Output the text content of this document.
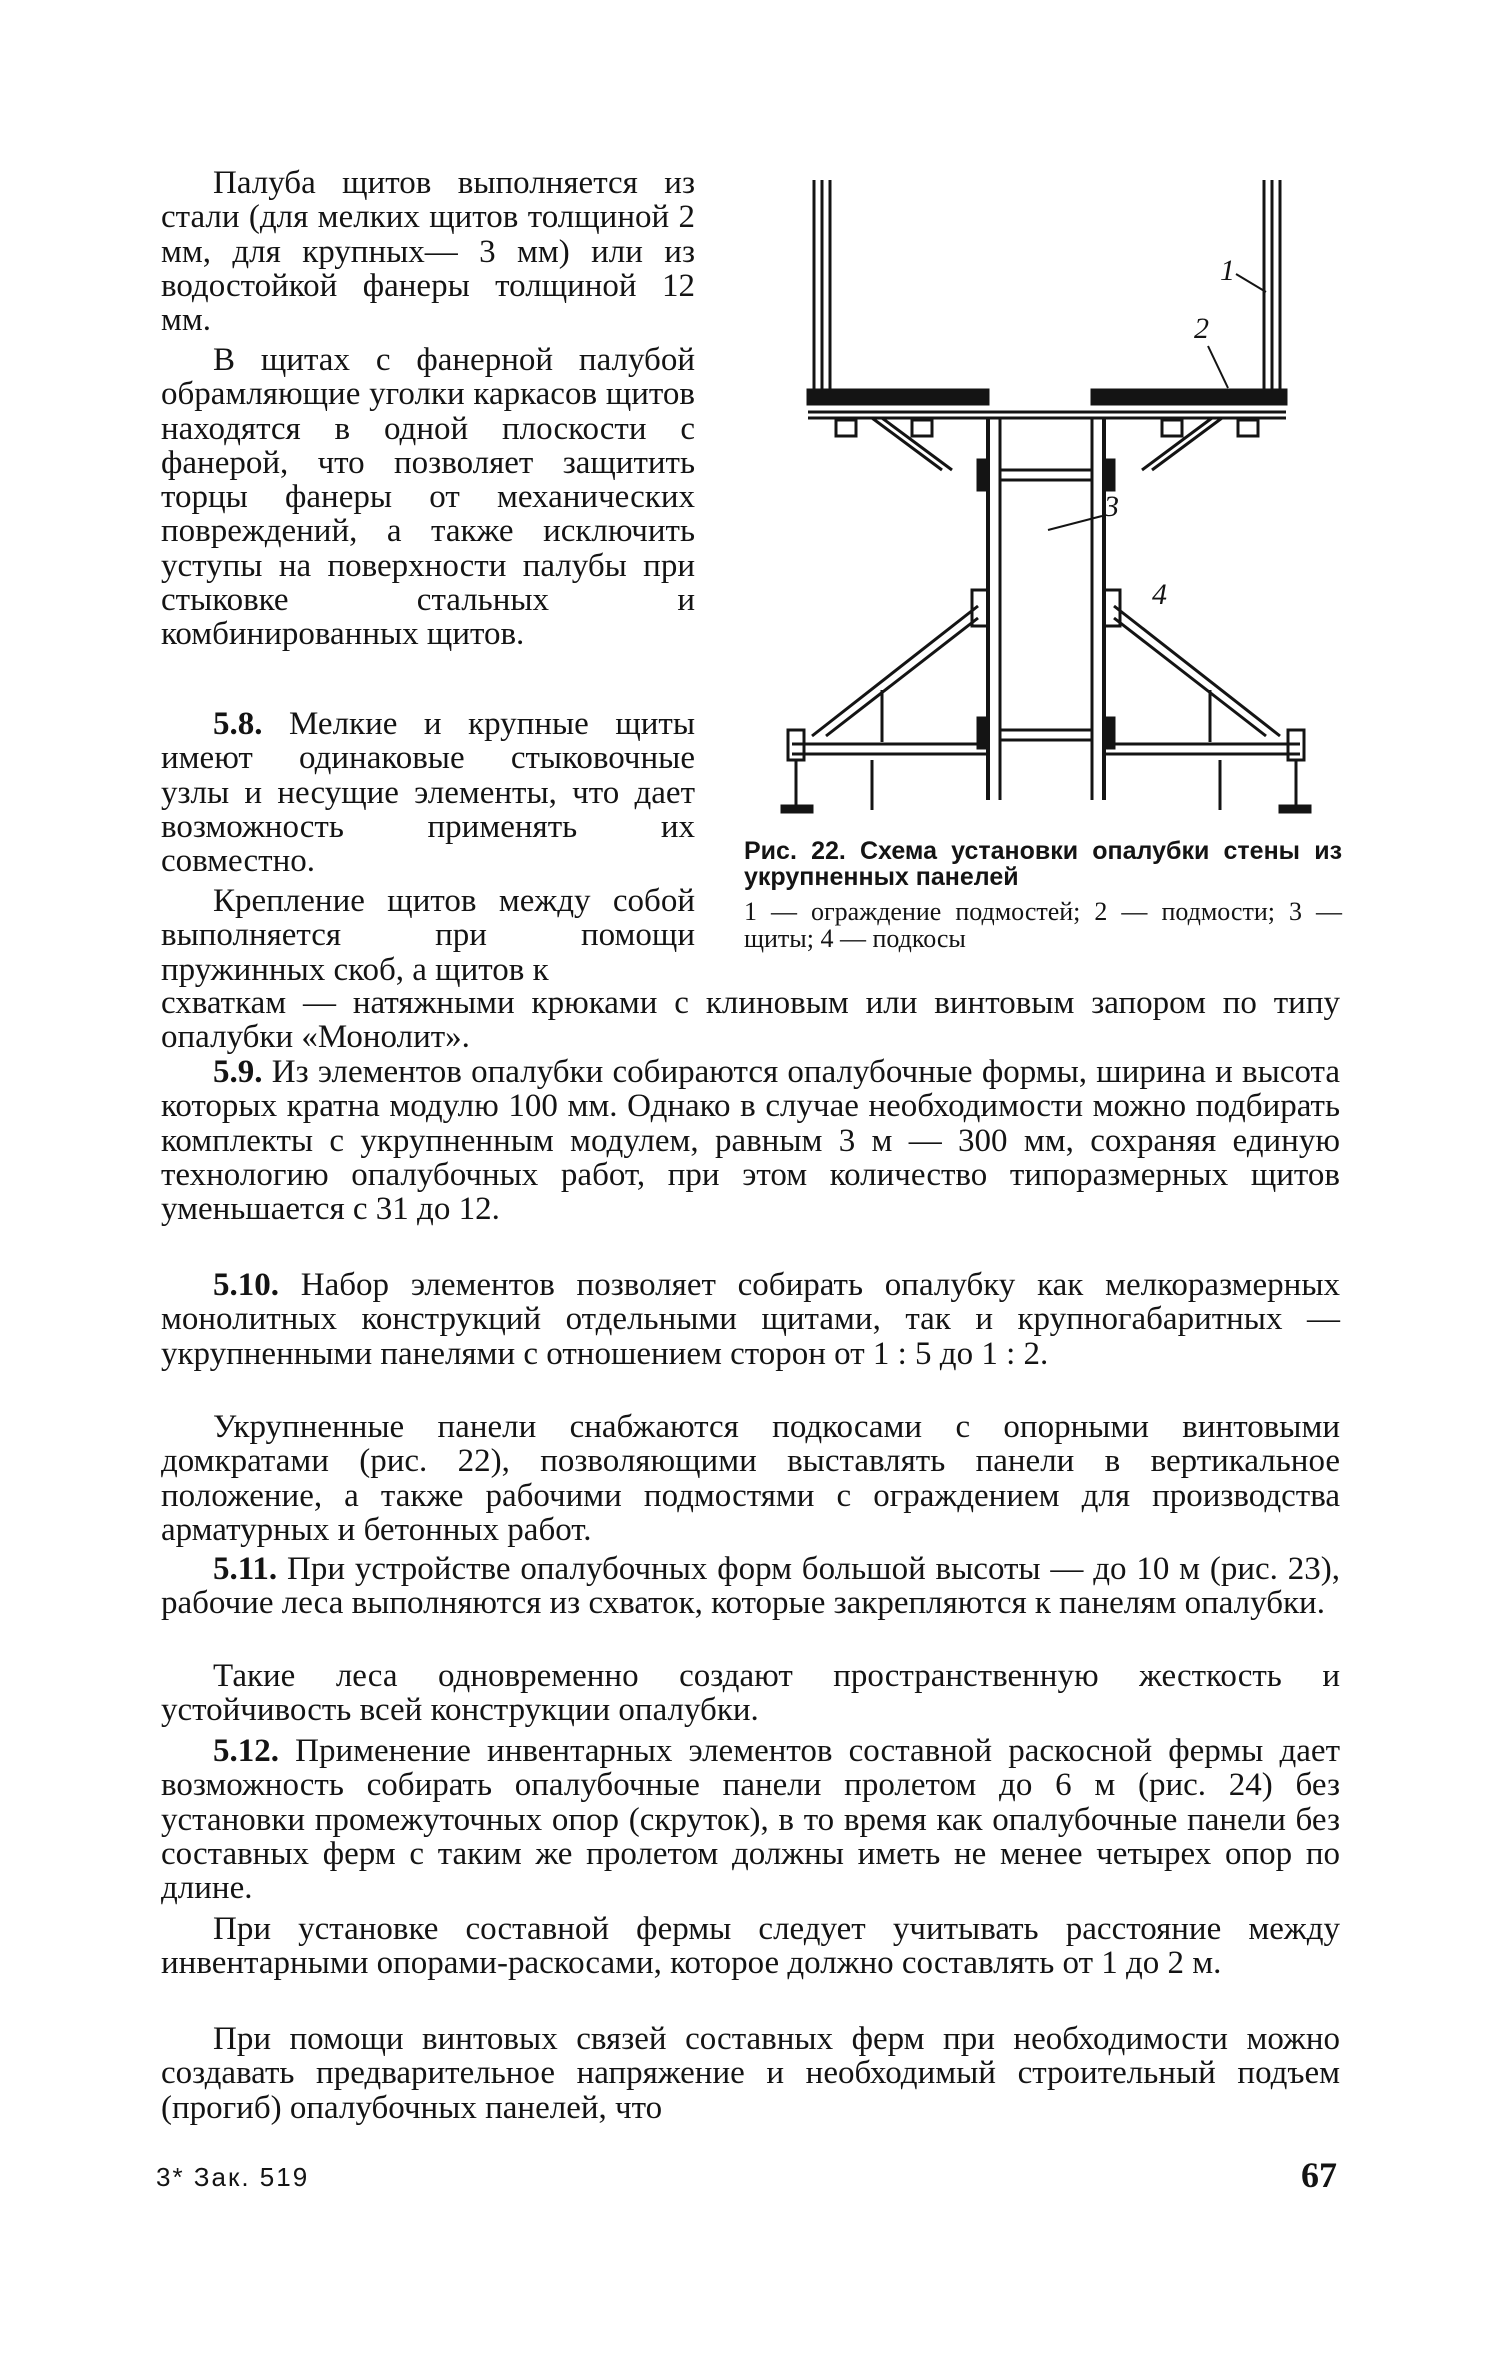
Палуба щитов выполняется из стали (для мелких щитов толщиной 2 мм, для крупных— 3 мм) или из водостойкой фанеры толщиной 12 мм.

В щитах с фанерной палубой обрамляющие уголки каркасов щитов находятся в одной плоскости с фанерой, что позволяет защитить торцы фанеры от механических повреждений, а также исключить уступы на поверхности палубы при стыковке стальных и комбинированных щитов.

5.8. Мелкие и крупные щиты имеют одинаковые стыковочные узлы и несущие элементы, что дает возможность применять их совместно.

Крепление щитов между собой выполняется при помощи пружинных скоб, а щитов к

схваткам — натяжными крюками с клиновым или винтовым запором по типу опалубки «Монолит».

5.9. Из элементов опалубки собираются опалубочные формы, ширина и высота которых кратна модулю 100 мм. Однако в случае необходимости можно подбирать комплекты с укрупненным модулем, равным 3 м — 300 мм, сохраняя единую технологию опалубочных работ, при этом количество типоразмерных щитов уменьшается с 31 до 12.

5.10. Набор элементов позволяет собирать опалубку как мелкоразмерных монолитных конструкций отдельными щитами, так и крупногабаритных — укрупненными панелями с отношением сторон от 1 : 5 до 1 : 2.

Укрупненные панели снабжаются подкосами с опорными винтовыми домкратами (рис. 22), позволяющими выставлять панели в вертикальное положение, а также рабочими подмостями с ограждением для производства арматурных и бетонных работ.

5.11. При устройстве опалубочных форм большой высоты — до 10 м (рис. 23), рабочие леса выполняются из схваток, которые закрепляются к панелям опалубки.

Такие леса одновременно создают пространственную жесткость и устойчивость всей конструкции опалубки.

5.12. Применение инвентарных элементов составной раскосной фермы дает возможность собирать опалубочные панели пролетом до 6 м (рис. 24) без установки промежуточных опор (скруток), в то время как опалубочные панели без составных ферм с таким же пролетом должны иметь не менее четырех опор по длине.

При установке составной фермы следует учитывать расстояние между инвентарными опорами-раскосами, которое должно составлять от 1 до 2 м.

При помощи винтовых связей составных ферм при необходимости можно создавать предварительное напряжение и необходимый строительный подъем (прогиб) опалубочных панелей, что

1
2
3
4
Рис. 22. Схема установки опалубки стены из укрупненных панелей
1 — ограждение подмостей; 2 — подмости; 3 — щиты; 4 — подкосы
3* Зак. 519	67
